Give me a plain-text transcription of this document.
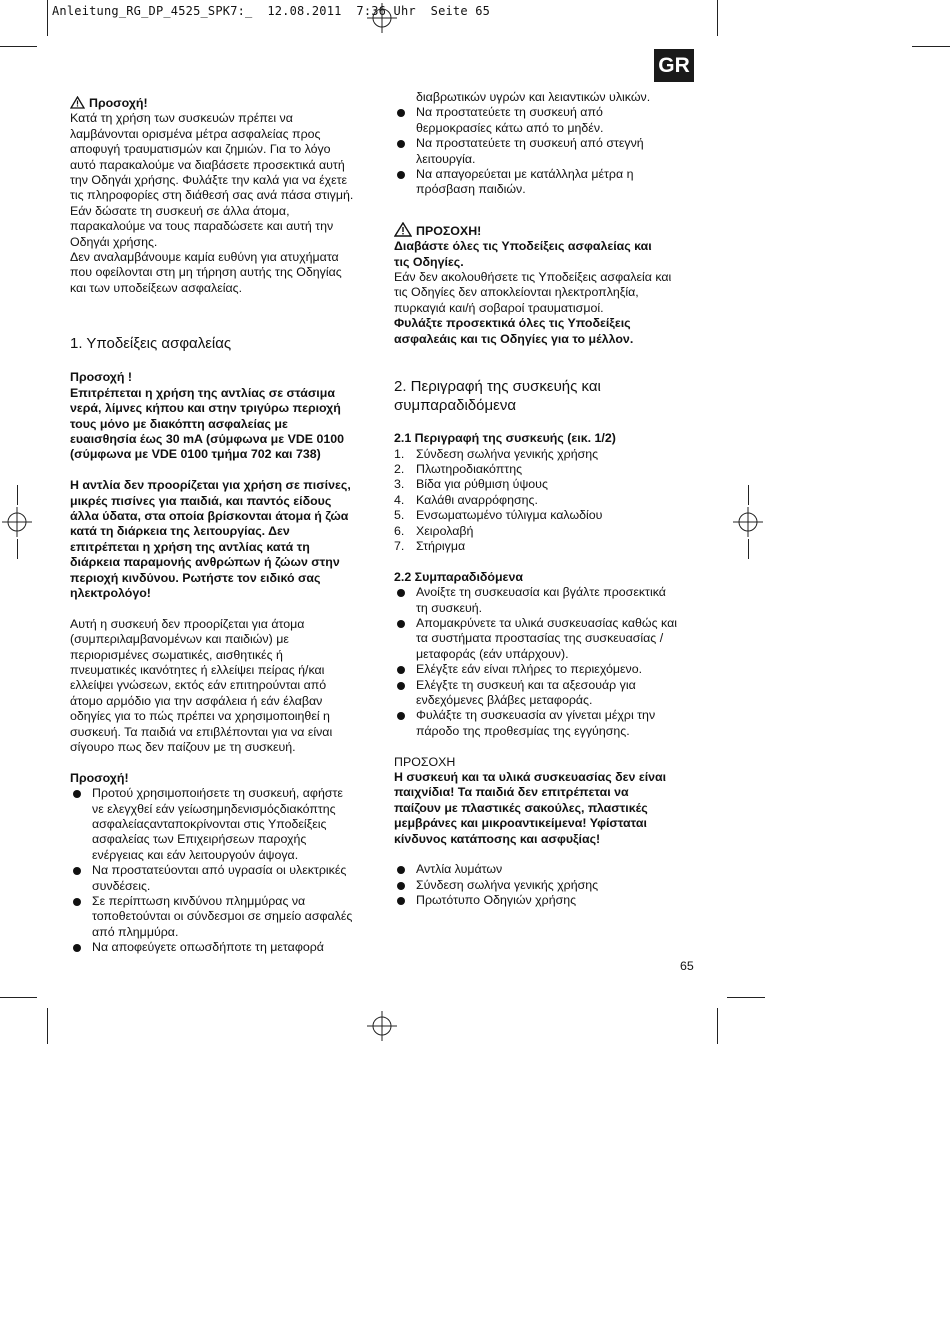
Anleitung_RG_DP_4525_SPK7:_  12.08.2011  7:36 Uhr  Seite 65
GR

Προσοχή!

Κατά τη χρήση των συσκευών πρέπει να

λαμβάνονται ορισμένα μέτρα ασφαλείας προς

αποφυγή τραυματισμών και ζημιών. Για το λόγο

αυτό παρακαλούμε να διαβάσετε προσεκτικά αυτή

την Οδηγάι χρήσης. Φυλάξτε την καλά για να έχετε

τις πληροφορίες στη διάθεσή σας ανά πάσα στιγμή.

Εάν δώσατε τη συσκευή σε άλλα άτομα,

παρακαλούμε να τους παραδώσετε και αυτή την

Οδηγάι χρήσης.

Δεν αναλαμβάνουμε καμία ευθύνη για ατυχήματα

που οφείλονται στη μη τήρηση αυτής της Οδηγίας

και των υποδείξεων ασφαλείας.

1. Υποδείξεις ασφαλείας

Προσοχή !

Επιτρέπεται η χρήση της αντλίας σε στάσιμα

νερά, λίμνες κήπου και στην τριγύρω περιοχή

τους μόνο με διακόπτη ασφαλείας με

ευαισθησία έως 30 mA (σύμφωνα με VDE 0100

(σύμφωνα με VDE 0100 τμήμα 702 και 738)

Η αντλία δεν προορίζεται για χρήση σε πισίνες,

μικρές πισίνες για παιδιά, και παντός είδους

άλλα ύδατα, στα οποία βρίσκονται άτομα ή ζώα

κατά τη διάρκεια της λειτουργίας. Δεν

επιτρέπεται η χρήση της αντλίας κατά τη

διάρκεια παραμονής ανθρώπων ή ζώων στην

περιοχή κινδύνου. Ρωτήστε τον ειδικό σας

ηλεκτρολόγο!

Αυτή η συσκευή δεν προορίζεται για άτομα

(συμπεριλαμβανομένων και παιδιών) με

περιορισμένες σωματικές, αισθητικές ή

πνευματικές ικανότητες ή ελλείψει πείρας ή/και

ελλείψει γνώσεων, εκτός εάν επιτηρούνται από

άτομο αρμόδιο για την ασφάλεια ή εάν έλαβαν

οδηγίες για το πώς πρέπει να χρησιμοποιηθεί η

συσκευή. Τα παιδιά να επιβλέπονται για να είναι

σίγουρο πως δεν παίζουν με τη συσκευή.

Προσοχή!

Προτού χρησιμοποιήσετε τη συσκευή, αφήστε

νε ελεγχθεί εάν γείωσημηδενισμόςδιακόπτης

ασφαλείαςανταποκρίνονται στις Υποδείξεις

ασφαλείας των Επιχειρήσεων παροχής

ενέργειας και εάν λειτουργούν άψογα.

Να προστατεύονται από υγρασία οι υλεκτρικές

συνδέσεις.

Σε περίπτωση κινδύνου πλημμύρας να

τοποθετούνται οι σύνδεσμοι σε σημείο ασφαλές

από πλημμύρα.

Να αποφεύγετε οπωσδήποτε τη μεταφορά

διαβρωτικών υγρών και λειαντικών υλικών.

Να προστατεύετε τη συσκευή από

θερμοκρασίες κάτω από το μηδέν.

Να προστατεύετε τη συσκευή από στεγνή

λειτουργία.

Να απαγορεύεται με κατάλληλα μέτρα η

πρόσβαση παιδιών.

ΠΡΟΣΟΧΗ!

Διαβάστε όλες τις Υποδείξεις ασφαλείας και

τις Οδηγίες.

Εάν δεν ακολουθήσετε τις Υποδείξεις ασφαλεία και

τις Οδηγίες δεν αποκλείονται ηλεκτροπληξία,

πυρκαγιά και/ή σοβαροί τραυματισμοί.

Φυλάξτε προσεκτικά όλες τις Υποδείξεις

ασφαλεάις και τις Οδηγίες για το μέλλον.

2. Περιγραφή της συσκευής και

συμπαραδιδόμενα

2.1 Περιγραφή της συσκευής (εικ. 1/2)

1. Σύνδεση σωλήνα γενικής χρήσης
2. Πλωτηροδιακόπτης
3. Βίδα για ρύθμιση ύψους
4. Καλάθι αναρρόφησης.
5. Ενσωματωμένο τύλιγμα καλωδίου
6. Χειρολαβή
7. Στήριγμα

2.2 Συμπαραδιδόμενα

Ανοίξτε τη συσκευασία και βγάλτε προσεκτικά

τη συσκευή.

Απομακρύνετε τα υλικά συσκευασίας καθώς και

τα συστήματα προστασίας της συσκευασίας /

μεταφοράς (εάν υπάρχουν).

Ελέγξτε εάν είναι πλήρες το περιεχόμενο.

Ελέγξτε τη συσκευή και τα αξεσουάρ για

ενδεχόμενες βλάβες μεταφοράς.

Φυλάξτε τη συσκευασία αν γίνεται μέχρι την

πάροδο της προθεσμίας της εγγύησης.

ΠΡΟΣΟΧΗ

Η συσκευή και τα υλικά συσκευασίας δεν είναι

παιχνίδια! Τα παιδιά δεν επιτρέπεται να

παίζουν με πλαστικές σακούλες, πλαστικές

μεμβράνες και μικροαντικείμενα! Υφίσταται

κίνδυνος κατάποσης και ασφυξίας!

Αντλία λυμάτων
Σύνδεση σωλήνα γενικής χρήσης
Πρωτότυπο Οδηγιών χρήσης
65
